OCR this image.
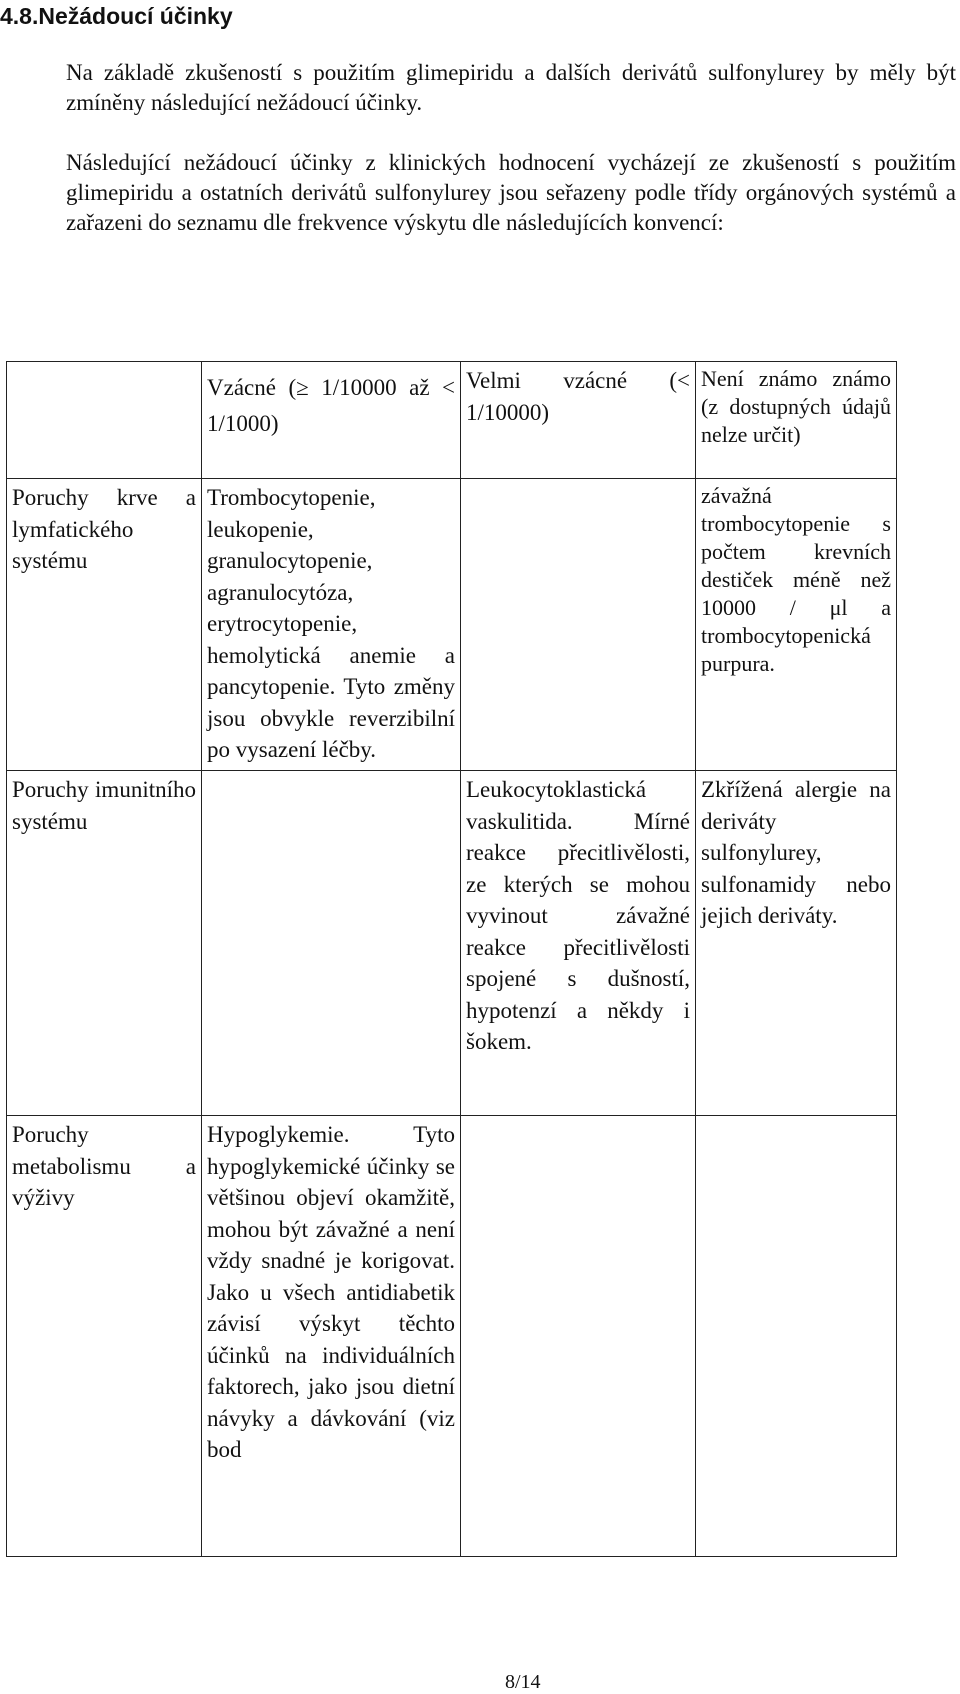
4.8.Nežádoucí účinky

Na základě zkušeností s použitím glimepiridu a dalších derivátů sulfonylurey by měly být zmíněny následující nežádoucí účinky.

Následující nežádoucí účinky z klinických hodnocení vycházejí ze zkušeností s použitím glimepiridu a ostatních derivátů sulfonylurey jsou seřazeny podle třídy orgánových systémů a zařazeni do seznamu dle frekvence výskytu dle následujících konvencí:

	Vzácné (≥ 1/10000 až < 1/1000)	Velmi vzácné (< 1/10000)	Není známo známo (z dostupných údajů nelze určit)
Poruchy krve a lymfatického systému	Trombocytopenie, leukopenie, granulocytopenie, agranulocytóza, erytrocytopenie, hemolytická anemie a pancytopenie. Tyto změny jsou obvykle reverzibilní po vysazení léčby.		závažná trombocytopenie s počtem krevních destiček méně než 10000 / μl a trombocytopenická purpura.
Poruchy imunitního systému		Leukocytoklastická vaskulitida. Mírné reakce přecitlivělosti, ze kterých se mohou vyvinout závažné reakce přecitlivělosti spojené s dušností, hypotenzí a někdy i šokem.	Zkřížená alergie na deriváty sulfonylurey, sulfonamidy nebo jejich deriváty.
Poruchy metabolismu a výživy	Hypoglykemie. Tyto hypoglykemické účinky se většinou objeví okamžitě, mohou být závažné a není vždy snadné je korigovat. Jako u všech antidiabetik závisí výskyt těchto účinků na individuálních faktorech, jako jsou dietní návyky a dávkování (viz bod		
8/14
